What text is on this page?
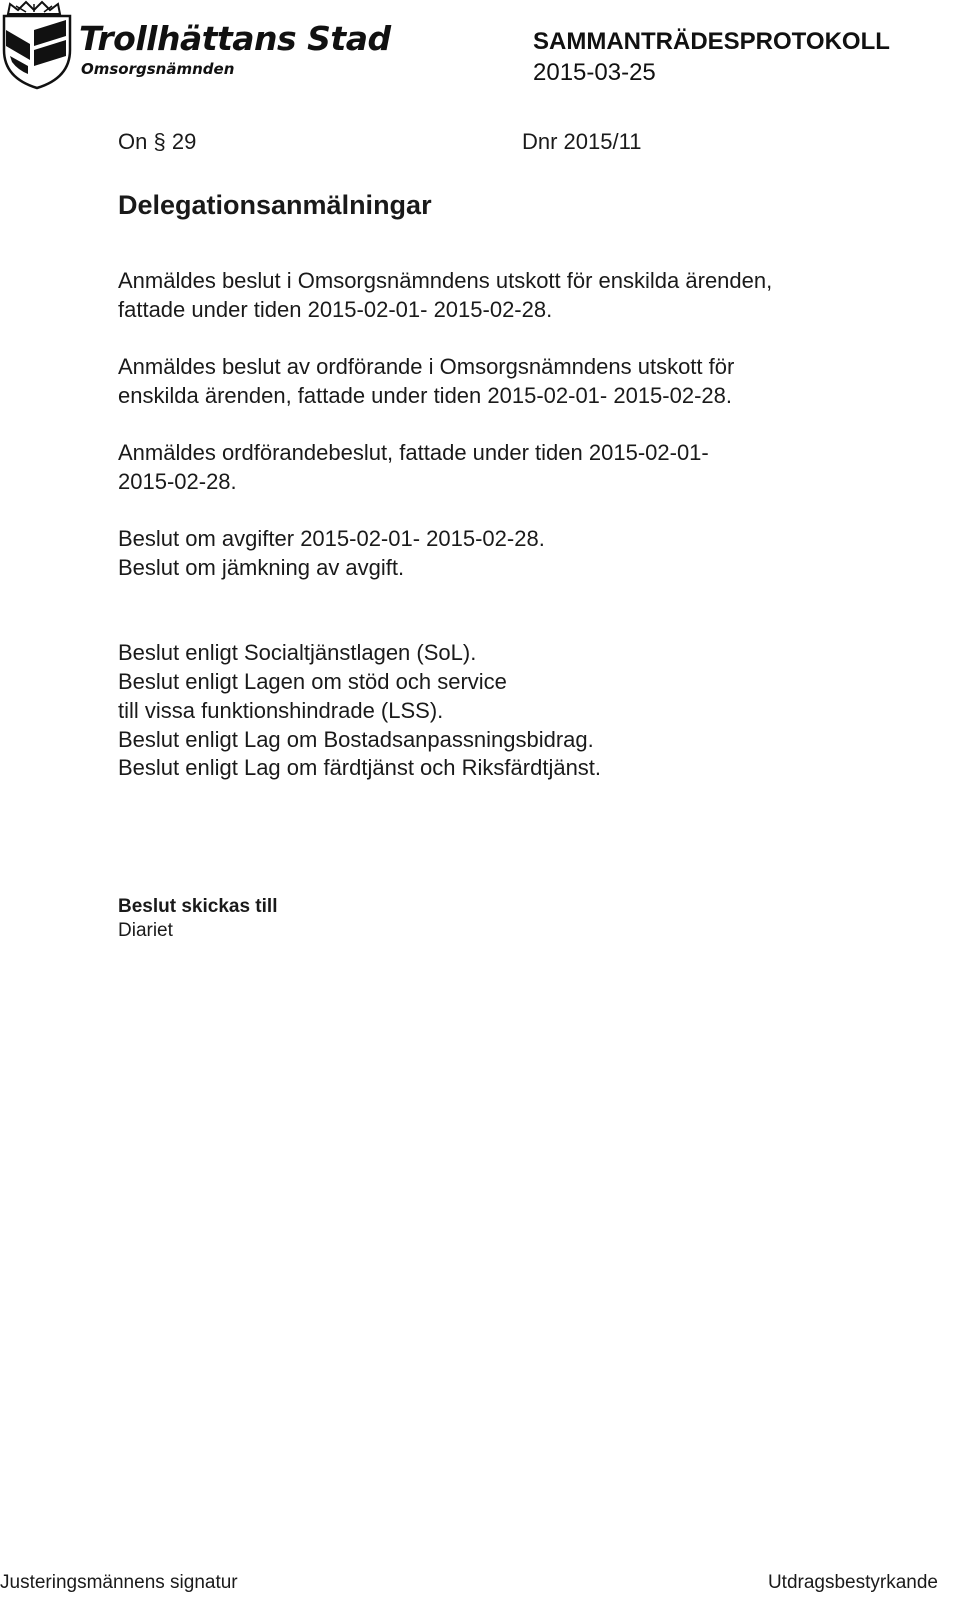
Trollhättans Stad
Omsorgsnämnden
SAMMANTRÄDESPROTOKOLL
2015-03-25
On § 29	Dnr 2015/11
Delegationsanmälningar
Anmäldes beslut i Omsorgsnämndens utskott för enskilda ärenden,
fattade under tiden 2015-02-01- 2015-02-28.
Anmäldes beslut av ordförande i Omsorgsnämndens utskott för
enskilda ärenden, fattade under tiden 2015-02-01- 2015-02-28.
Anmäldes ordförandebeslut, fattade under tiden 2015-02-01-
2015-02-28.
Beslut om avgifter 2015-02-01- 2015-02-28.
Beslut om jämkning av avgift.
Beslut enligt Socialtjänstlagen (SoL).
Beslut enligt Lagen om stöd och service
till vissa funktionshindrade (LSS).
Beslut enligt Lag om Bostadsanpassningsbidrag.
Beslut enligt Lag om färdtjänst och Riksfärdtjänst.
Beslut skickas till
Diariet
Justeringsmännens signatur	Utdragsbestyrkande
